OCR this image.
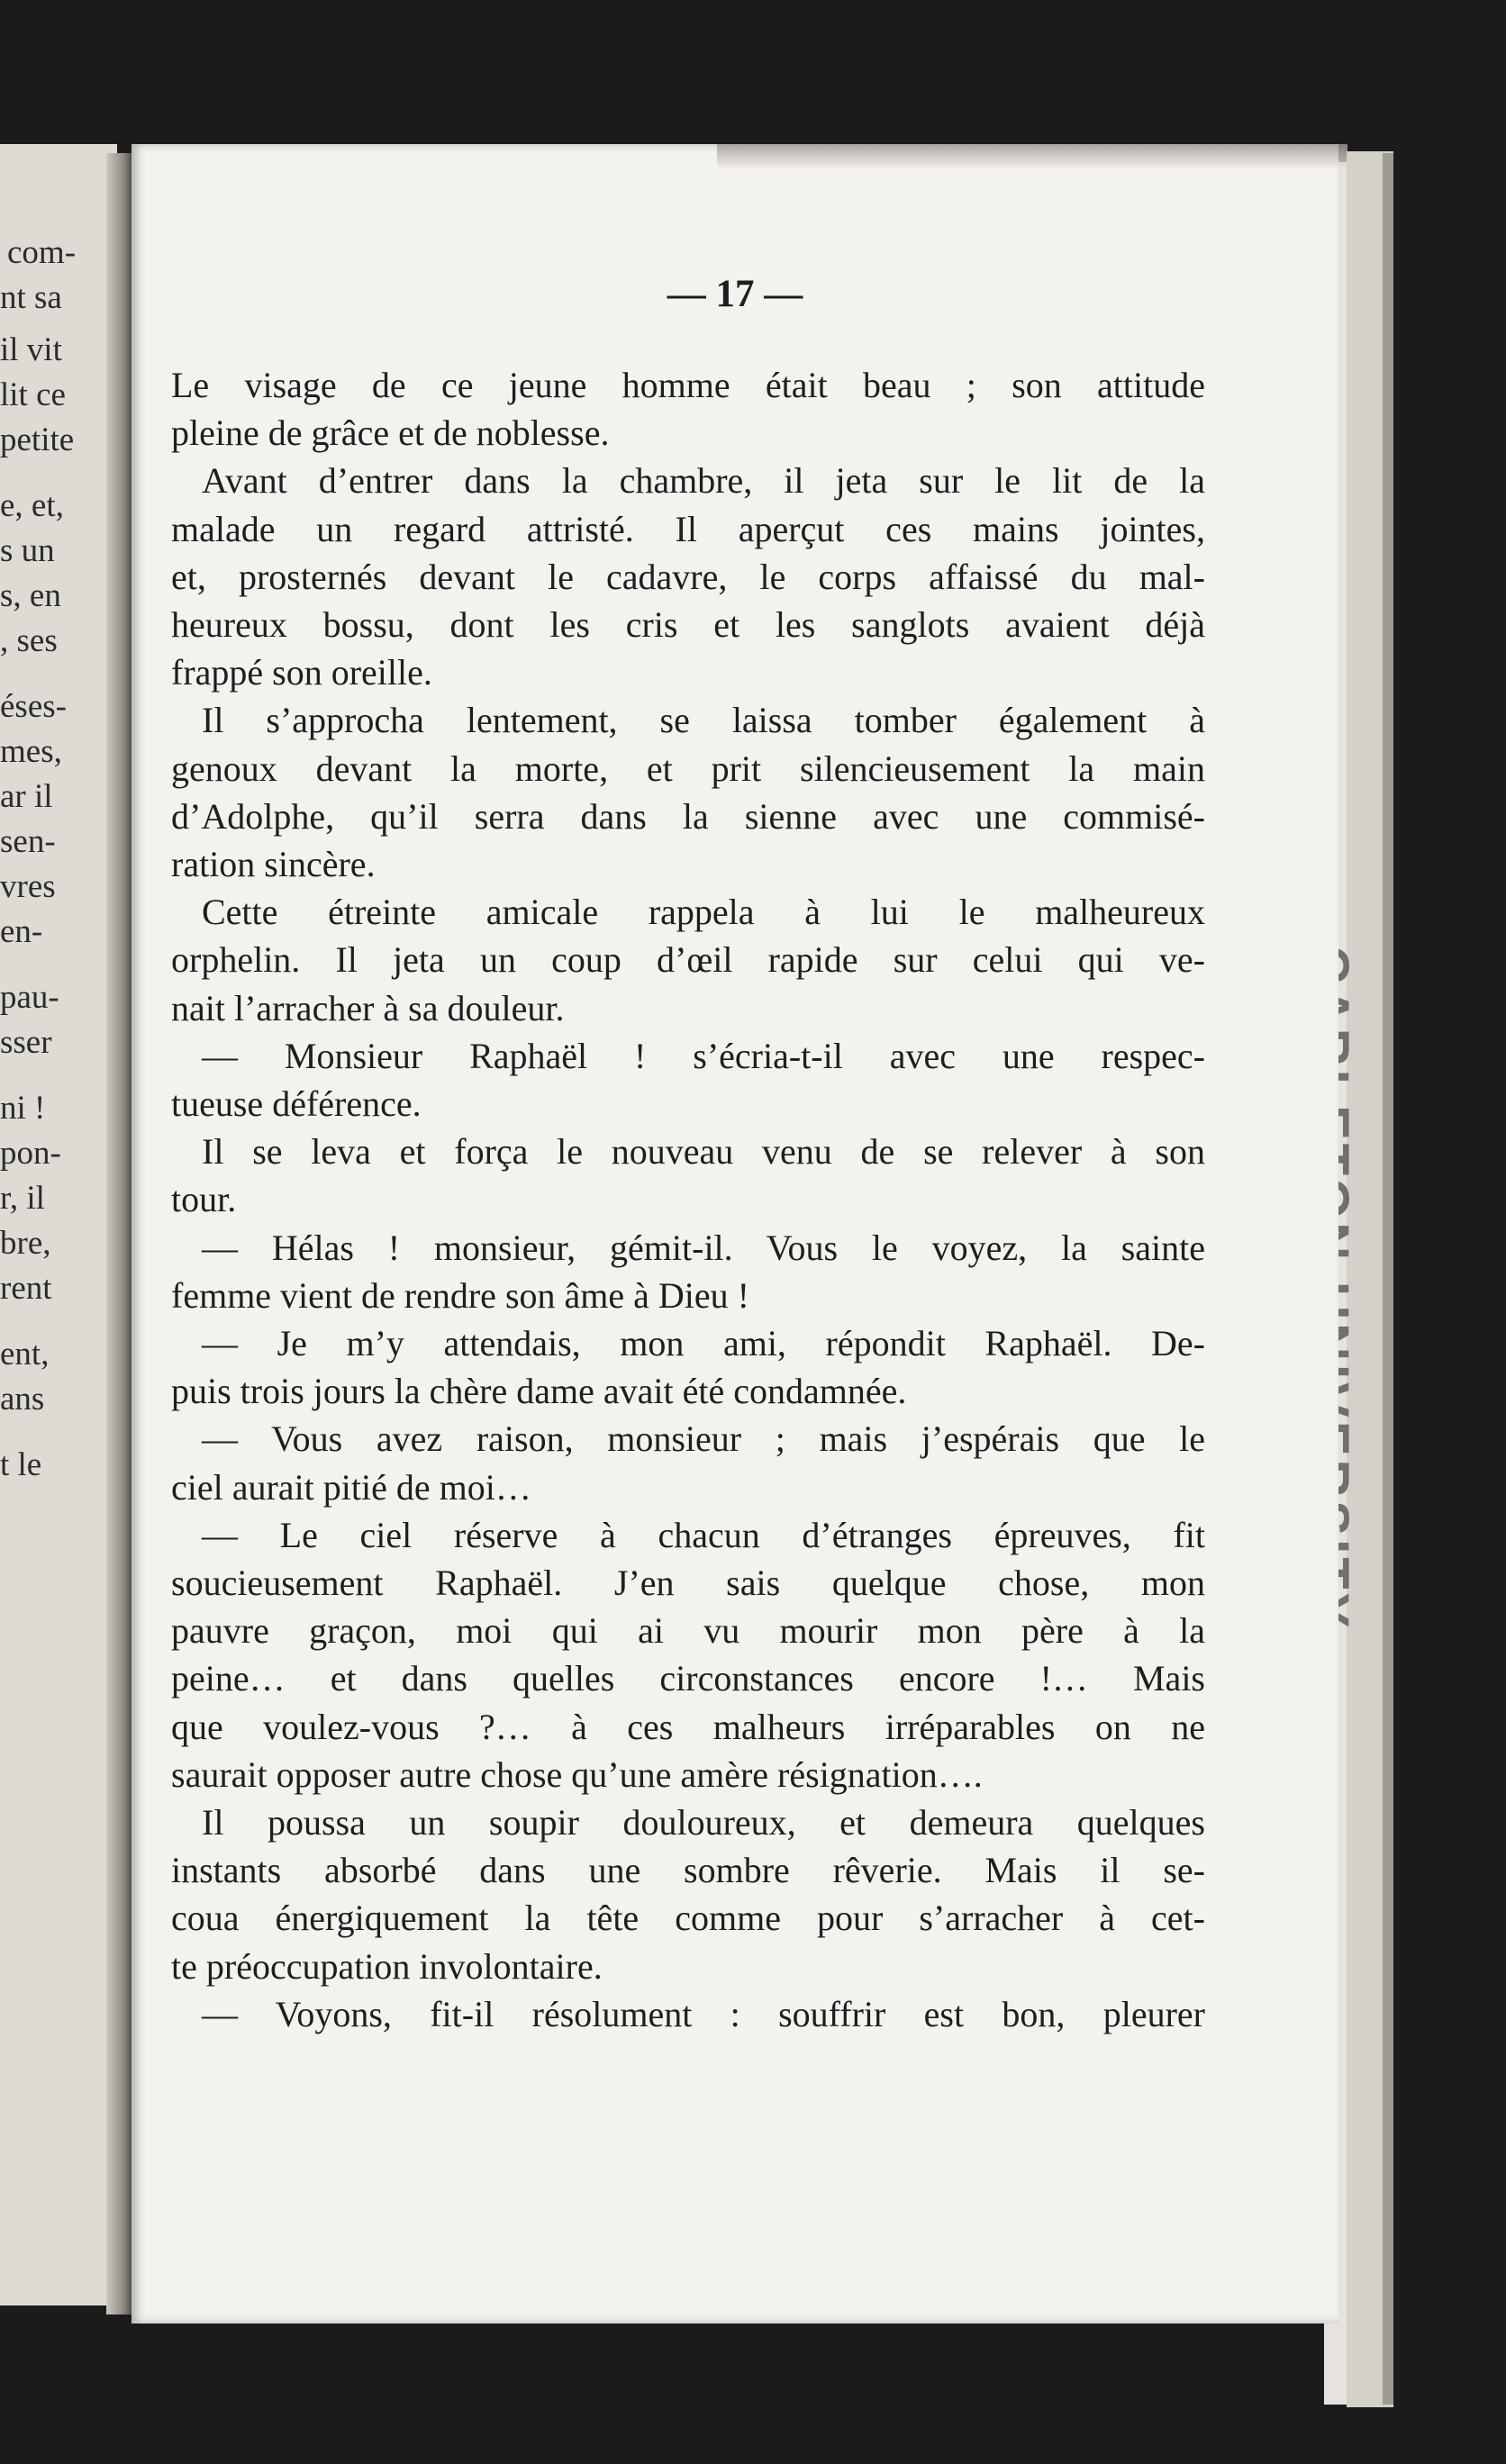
com-
nt sa
il vit
lit ce
petite
e, et,
s un
s, en
, ses
éses-
mes,
ar il
sen-
vres
en-
pau-
sser
ni !
pon-
r, il
bre,
rent
ent,
ans
t le
— 17 —
Le visage de ce jeune homme était beau ; son attitude
pleine de grâce et de noblesse.
Avant d’entrer dans la chambre, il jeta sur le lit de la
malade un regard attristé. Il aperçut ces mains jointes,
et, prosternés devant le cadavre, le corps affaissé du mal-
heureux bossu, dont les cris et les sanglots avaient déjà
frappé son oreille.
Il s’approcha lentement, se laissa tomber également à
genoux devant la morte, et prit silencieusement la main
d’Adolphe, qu’il serra dans la sienne avec une commisé-
ration sincère.
Cette étreinte amicale rappela à lui le malheureux
orphelin. Il jeta un coup d’œil rapide sur celui qui ve-
nait l’arracher à sa douleur.
— Monsieur Raphaël ! s’écria-t-il avec une respec-
tueuse déférence.
Il se leva et força le nouveau venu de se relever à son
tour.
— Hélas ! monsieur, gémit-il. Vous le voyez, la sainte
femme vient de rendre son âme à Dieu !
— Je m’y attendais, mon ami, répondit Raphaël. De-
puis trois jours la chère dame avait été condamnée.
— Vous avez raison, monsieur ; mais j’espérais que le
ciel aurait pitié de moi…
— Le ciel réserve à chacun d’étranges épreuves, fit
soucieusement Raphaël. J’en sais quelque chose, mon
pauvre graçon, moi qui ai vu mourir mon père à la
peine… et dans quelles circonstances encore !… Mais
que voulez-vous ?… à ces malheurs irréparables on ne
saurait opposer autre chose qu’une amère résignation….
Il poussa un soupir douloureux, et demeura quelques
instants absorbé dans une sombre rêverie. Mais il se-
coua énergiquement la tête comme pour s’arracher à cet-
te préoccupation involontaire.
— Voyons, fit-il résolument : souffrir est bon, pleurer
